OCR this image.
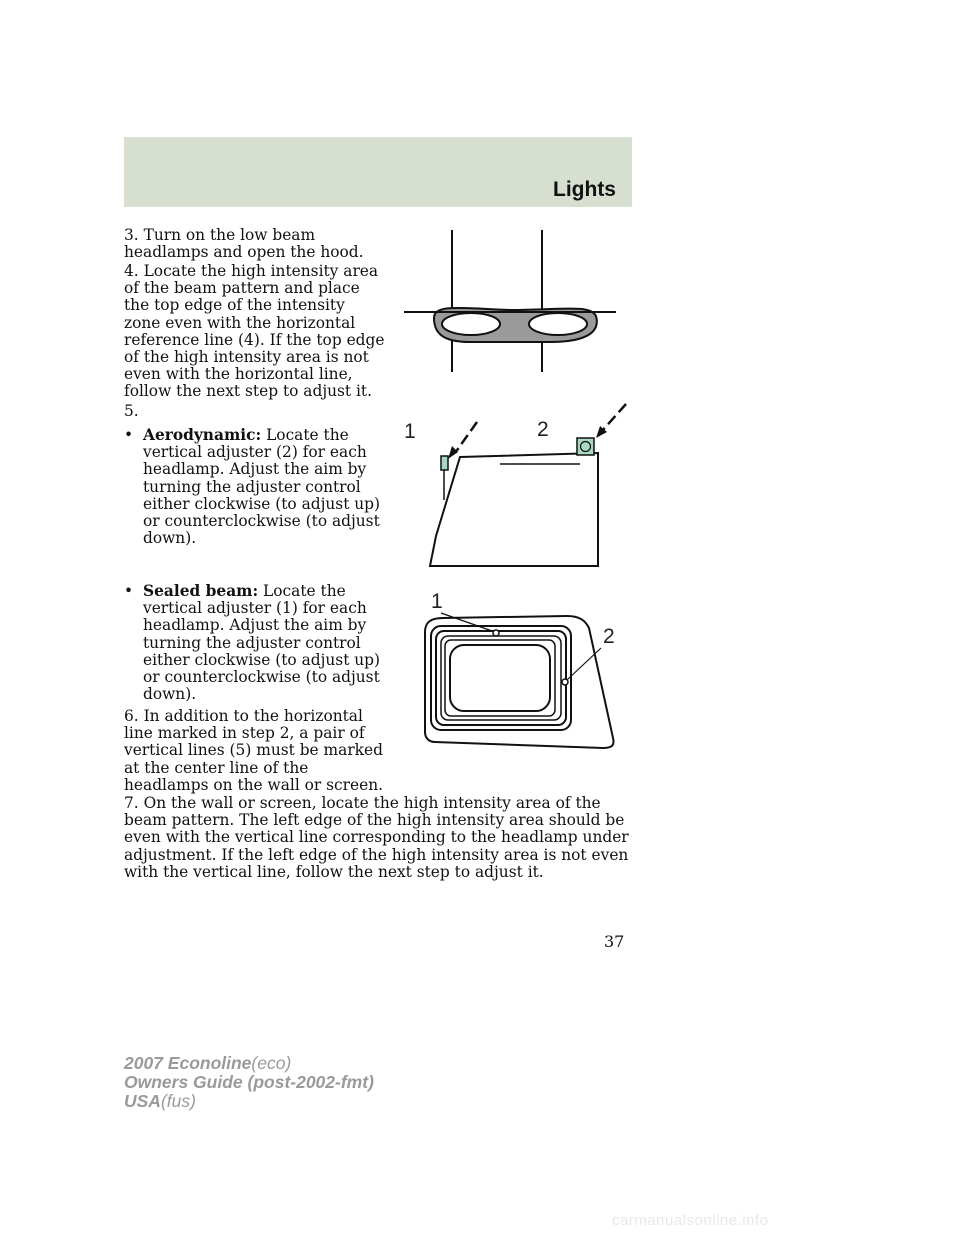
Lights

3. Turn on the low beam headlamps and open the hood.

4. Locate the high intensity area of the beam pattern and place the top edge of the intensity zone even with the horizontal reference line (4). If the top edge of the high intensity area is not even with the horizontal line, follow the next step to adjust it.

5.

• Aerodynamic: Locate the vertical adjuster (2) for each headlamp. Adjust the aim by turning the adjuster control either clockwise (to adjust up) or counterclockwise (to adjust down).

• Sealed beam: Locate the vertical adjuster (1) for each headlamp. Adjust the aim by turning the adjuster control either clockwise (to adjust up) or counterclockwise (to adjust down).

6. In addition to the horizontal line marked in step 2, a pair of vertical lines (5) must be marked at the center line of the headlamps on the wall or screen.

7. On the wall or screen, locate the high intensity area of the beam pattern. The left edge of the high intensity area should be even with the vertical line corresponding to the headlamp under adjustment. If the left edge of the high intensity area is not even with the vertical line, follow the next step to adjust it.

1	2
1
2
37
2007 Econoline(eco)
Owners Guide (post-2002-fmt)
USA(fus)
carmanualsonline.info
